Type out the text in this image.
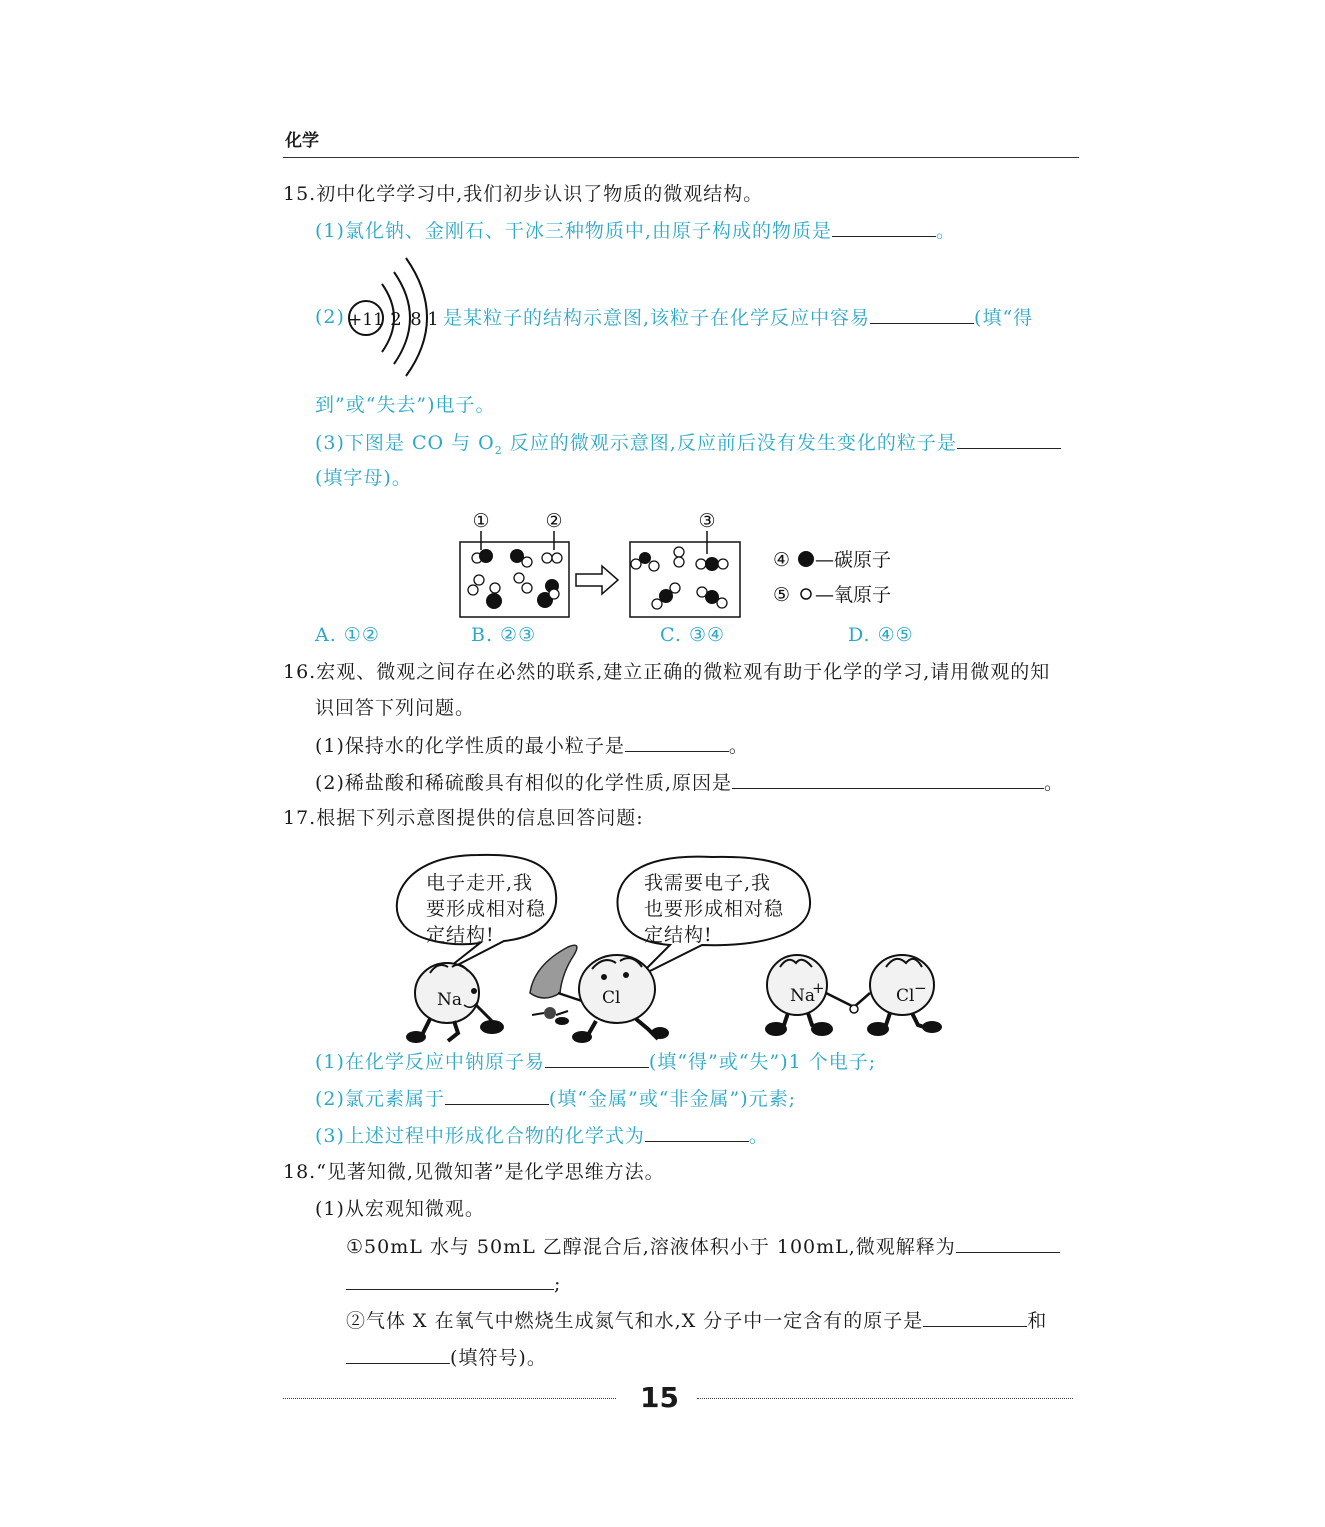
化学
15.初中化学学习中,我们初步认识了物质的微观结构。
(1)氯化钠、金刚石、干冰三种物质中,由原子构成的物质是	。
(2) +11 2 8 1 是某粒子的结构示意图,该粒子在化学反应中容易	(填“得
到”或“失去”)电子。
(3)下图是 CO 与 $O_2$ 反应的微观示意图,反应前后没有发生变化的粒子是
(填字母)。
①	②	③
④ —碳原子
⑤ —氧原子
A. ①②	B. ②③	C. ③④	D. ④⑤
16.宏观、微观之间存在必然的联系,建立正确的微粒观有助于化学的学习,请用微观的知
识回答下列问题。
(1)保持水的化学性质的最小粒子是	。
(2)稀盐酸和稀硫酸具有相似的化学性质,原因是	。
17.根据下列示意图提供的信息回答问题:
Na	Cl	Na
+	Cl −
电子走开,我
要形成相对稳
定结构!
我需要电子,我
也要形成相对稳
定结构!
(1)在化学反应中钠原子易	(填“得”或“失”)1 个电子;
(2)氯元素属于	(填“金属”或“非金属”)元素;
(3)上述过程中形成化合物的化学式为	。
18.“见著知微,见微知著”是化学思维方法。
(1)从宏观知微观。
①50mL 水与 50mL 乙醇混合后,溶液体积小于 100mL,微观解释为
;
②气体 X 在氧气中燃烧生成氮气和水,X 分子中一定含有的原子是	和
(填符号)。
15
